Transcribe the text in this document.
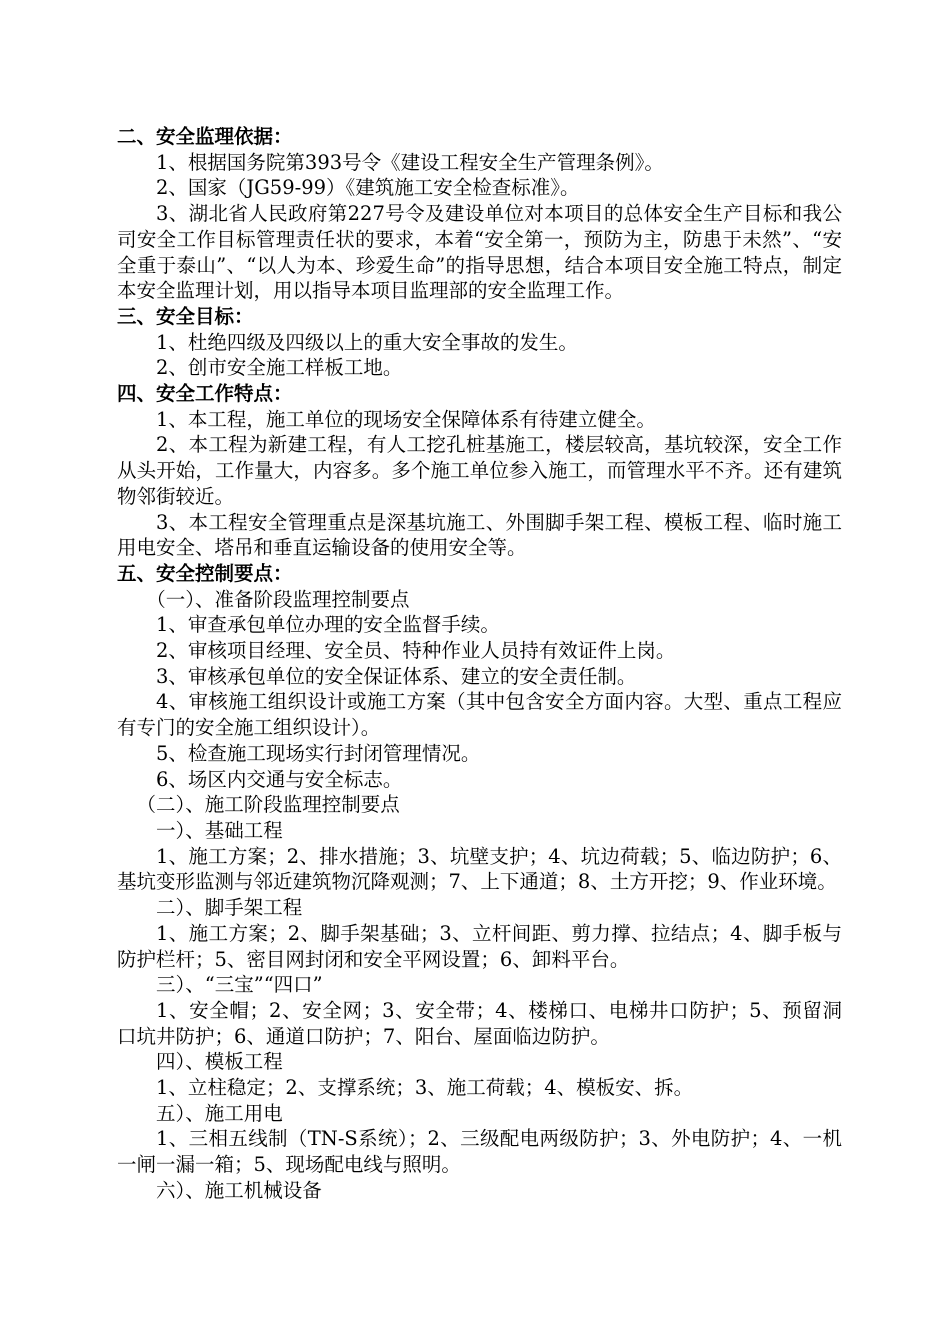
二、安全监理依据：

1、根据国务院第393号令《建设工程安全生产管理条例》。

2、国家（JG59-99）《建筑施工安全检查标准》。

3、湖北省人民政府第227号令及建设单位对本项目的总体安全生产目标和我公司安全工作目标管理责任状的要求，本着“安全第一，预防为主，防患于未然”、“安全重于泰山”、“以人为本、珍爱生命”的指导思想，结合本项目安全施工特点，制定本安全监理计划，用以指导本项目监理部的安全监理工作。

三、安全目标：

1、杜绝四级及四级以上的重大安全事故的发生。

2、创市安全施工样板工地。

四、安全工作特点：

1、本工程，施工单位的现场安全保障体系有待建立健全。

2、本工程为新建工程，有人工挖孔桩基施工，楼层较高，基坑较深，安全工作从头开始，工作量大，内容多。多个施工单位参入施工，而管理水平不齐。还有建筑物邻街较近。

3、本工程安全管理重点是深基坑施工、外围脚手架工程、模板工程、临时施工用电安全、塔吊和垂直运输设备的使用安全等。

五、安全控制要点：

（一）、准备阶段监理控制要点

1、审查承包单位办理的安全监督手续。

2、审核项目经理、安全员、特种作业人员持有效证件上岗。

3、审核承包单位的安全保证体系、建立的安全责任制。

4、审核施工组织设计或施工方案（其中包含安全方面内容。大型、重点工程应有专门的安全施工组织设计）。

5、检查施工现场实行封闭管理情况。

6、场区内交通与安全标志。

（二）、施工阶段监理控制要点

一）、基础工程

1、施工方案；2、排水措施；3、坑壁支护；4、坑边荷载；5、临边防护；6、基坑变形监测与邻近建筑物沉降观测；7、上下通道；8、土方开挖；9、作业环境。

二）、脚手架工程

1、施工方案；2、脚手架基础；3、立杆间距、剪力撑、拉结点；4、脚手板与防护栏杆；5、密目网封闭和安全平网设置；6、卸料平台。

三）、“三宝”“四口”

1、安全帽；2、安全网；3、安全带；4、楼梯口、电梯井口防护；5、预留洞口坑井防护；6、通道口防护；7、阳台、屋面临边防护。

四）、模板工程

1、立柱稳定；2、支撑系统；3、施工荷载；4、模板安、拆。

五）、施工用电

1、三相五线制（TN-S系统）；2、三级配电两级防护；3、外电防护；4、一机一闸一漏一箱；5、现场配电线与照明。

六）、施工机械设备
